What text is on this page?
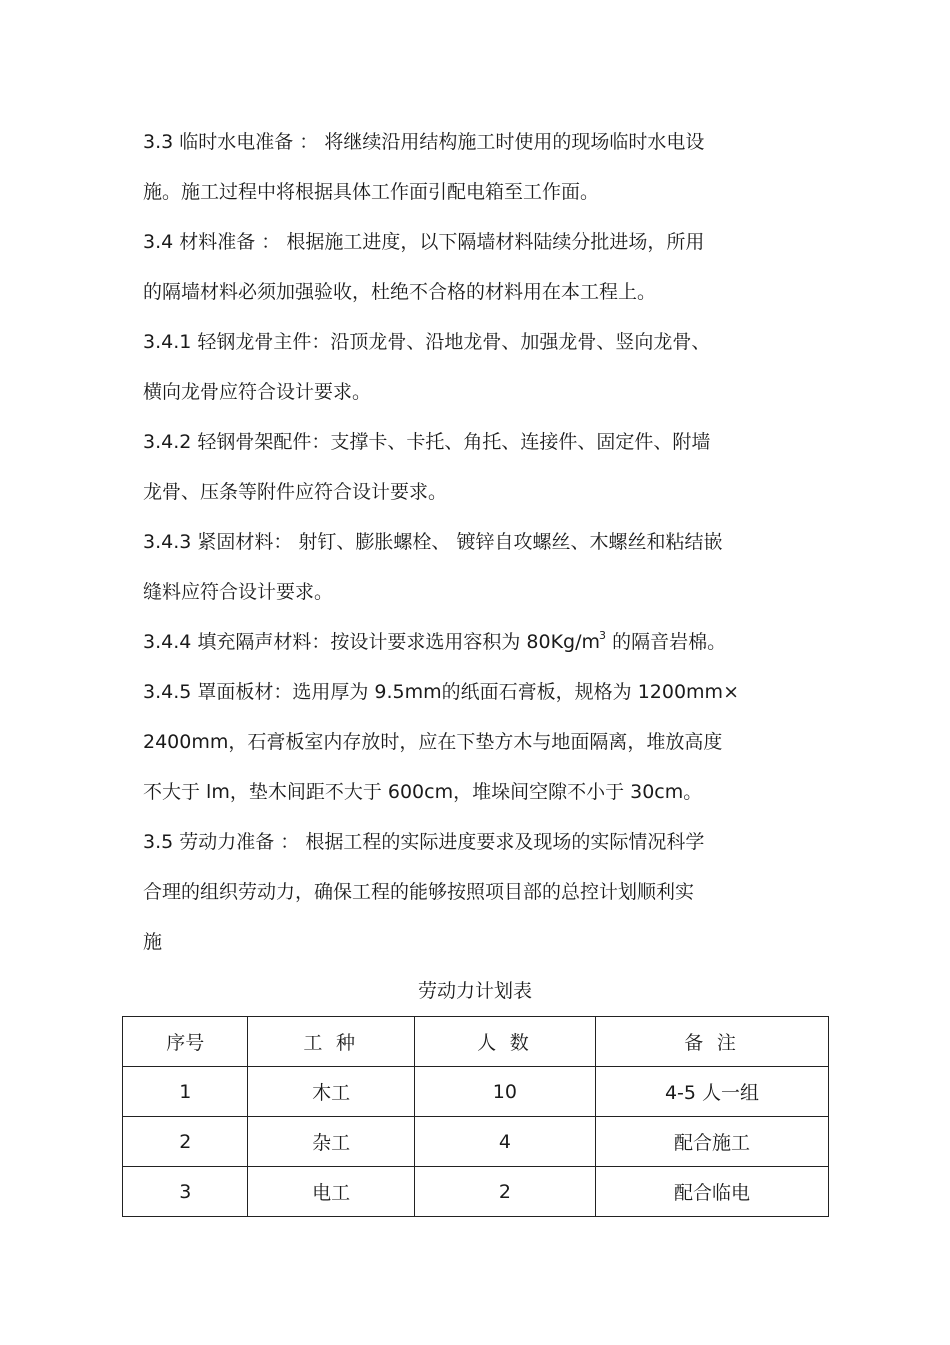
3.3 临时水电准备 ： 将继续沿用结构施工时使用的现场临时水电设
施。施工过程中将根据具体工作面引配电箱至工作面。
3.4 材料准备 ： 根据施工进度，以下隔墙材料陆续分批进场，所用
的隔墙材料必须加强验收，杜绝不合格的材料用在本工程上。
3.4.1 轻钢龙骨主件：沿顶龙骨、沿地龙骨、加强龙骨、竖向龙骨、
横向龙骨应符合设计要求。
3.4.2 轻钢骨架配件：支撑卡、卡托、角托、连接件、固定件、附墙
龙骨、压条等附件应符合设计要求。
3.4.3 紧固材料： 射钉、膨胀螺栓、 镀锌自攻螺丝、木螺丝和粘结嵌
缝料应符合设计要求。
3.4.4 填充隔声材料：按设计要求选用容积为 $80Kg/m^3$ 的隔音岩棉。
3.4.5 罩面板材：选用厚为 9.5mm的纸面石膏板，规格为 1200mm×
2400mm，石膏板室内存放时，应在下垫方木与地面隔离，堆放高度
不大于 lm，垫木间距不大于 600cm，堆垛间空隙不小于 30cm。
3.5 劳动力准备 ： 根据工程的实际进度要求及现场的实际情况科学
合理的组织劳动力，确保工程的能够按照项目部的总控计划顺利实
施
劳动力计划表
序号	工 种	人 数	备 注
1	木工	10	4-5 人一组
2	杂工	4	配合施工
3	电工	2	配合临电
